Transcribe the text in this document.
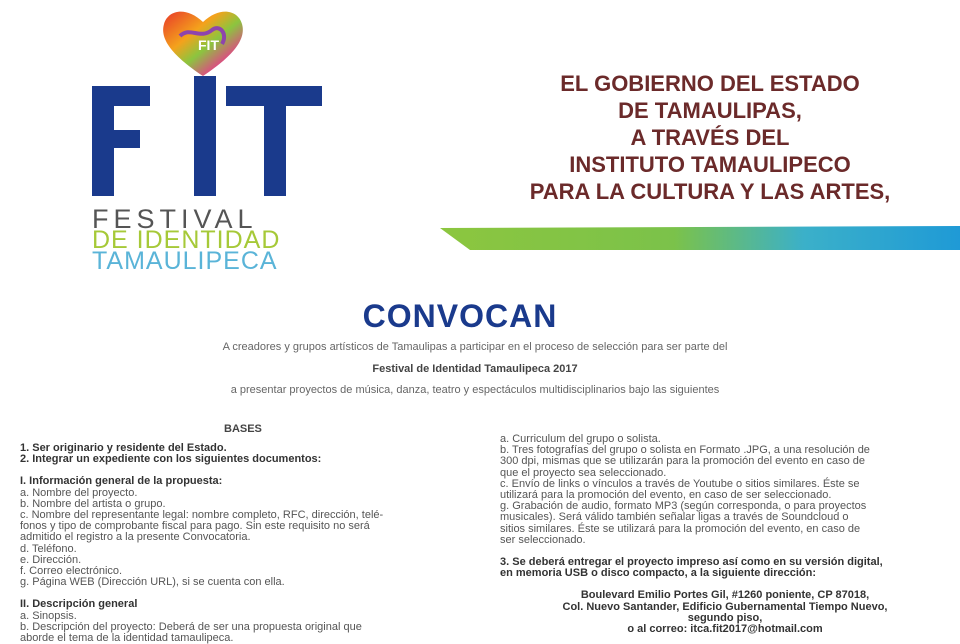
FIT
FIT
FESTIVAL
DE IDENTIDAD
TAMAULIPECA
EL GOBIERNO DEL ESTADO
DE TAMAULIPAS,
A TRAVÉS DEL
INSTITUTO TAMAULIPECO
PARA LA CULTURA Y LAS ARTES,
CONVOCAN
A creadores y grupos artísticos de Tamaulipas a participar en el proceso de selección para ser parte del
Festival de Identidad Tamaulipeca 2017
a presentar proyectos de música, danza, teatro y espectáculos multidisciplinarios bajo las siguientes
BASES
1. Ser originario y residente del Estado.
2. Integrar un expediente con los siguientes documentos:
I. Información general de la propuesta:
a. Nombre del proyecto.
b. Nombre del artista o grupo.
c. Nombre del representante legal: nombre completo, RFC, dirección, telé-
fonos y tipo de comprobante fiscal para pago. Sin este requisito no será
admitido el registro a la presente Convocatoria.
d. Teléfono.
e. Dirección.
f. Correo electrónico.
g. Página WEB (Dirección URL), si se cuenta con ella.
II. Descripción general
a. Sinopsis.
b. Descripción del proyecto: Deberá de ser una propuesta original que
aborde el tema de la identidad tamaulipeca.
a. Curriculum del grupo o solista.
b. Tres fotografías del grupo o solista en Formato .JPG, a una resolución de
300 dpi, mismas que se utilizarán para la promoción del evento en caso de
que el proyecto sea seleccionado.
c. Envío de links o vínculos a través de Youtube o sitios similares. Éste se
utilizará para la promoción del evento, en caso de ser seleccionado.
g. Grabación de audio, formato MP3 (según corresponda, o para proyectos
musicales). Será válido también señalar ligas a través de Soundcloud o
sitios similares. Éste se utilizará para la promoción del evento, en caso de
ser seleccionado.
3. Se deberá entregar el proyecto impreso así como en su versión digital,
en memoria USB o disco compacto, a la siguiente dirección:
Boulevard Emilio Portes Gil, #1260 poniente, CP 87018,
Col. Nuevo Santander, Edificio Gubernamental Tiempo Nuevo,
segundo piso,
o al correo: itca.fit2017@hotmail.com
